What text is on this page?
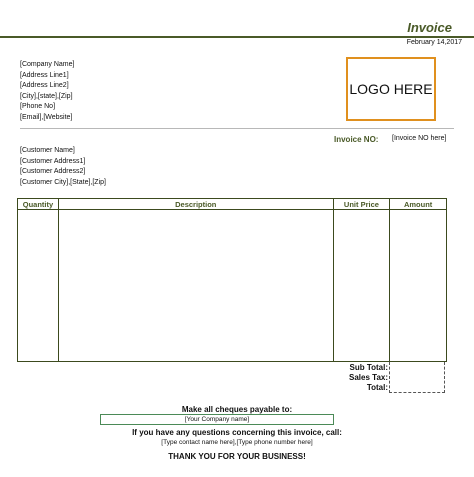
Invoice
February 14,2017
[Company Name]
[Address Line1]
[Address Line2]
[City],[state],[Zip]
[Phone No]
[Email],[Website]
LOGO HERE
Invoice NO: [Invoice NO here]
[Customer Name]
[Customer Address1]
[Customer Address2]
[Customer City],[State],[Zip]
Quantity	Description	Unit Price	Amount

Sub Total:
Sales Tax:
Total:
Make all cheques payable to:
[Your Company name]
If you have any questions concerning this invoice, call:
[Type contact name here],[Type phone number here]
THANK YOU FOR YOUR BUSINESS!
